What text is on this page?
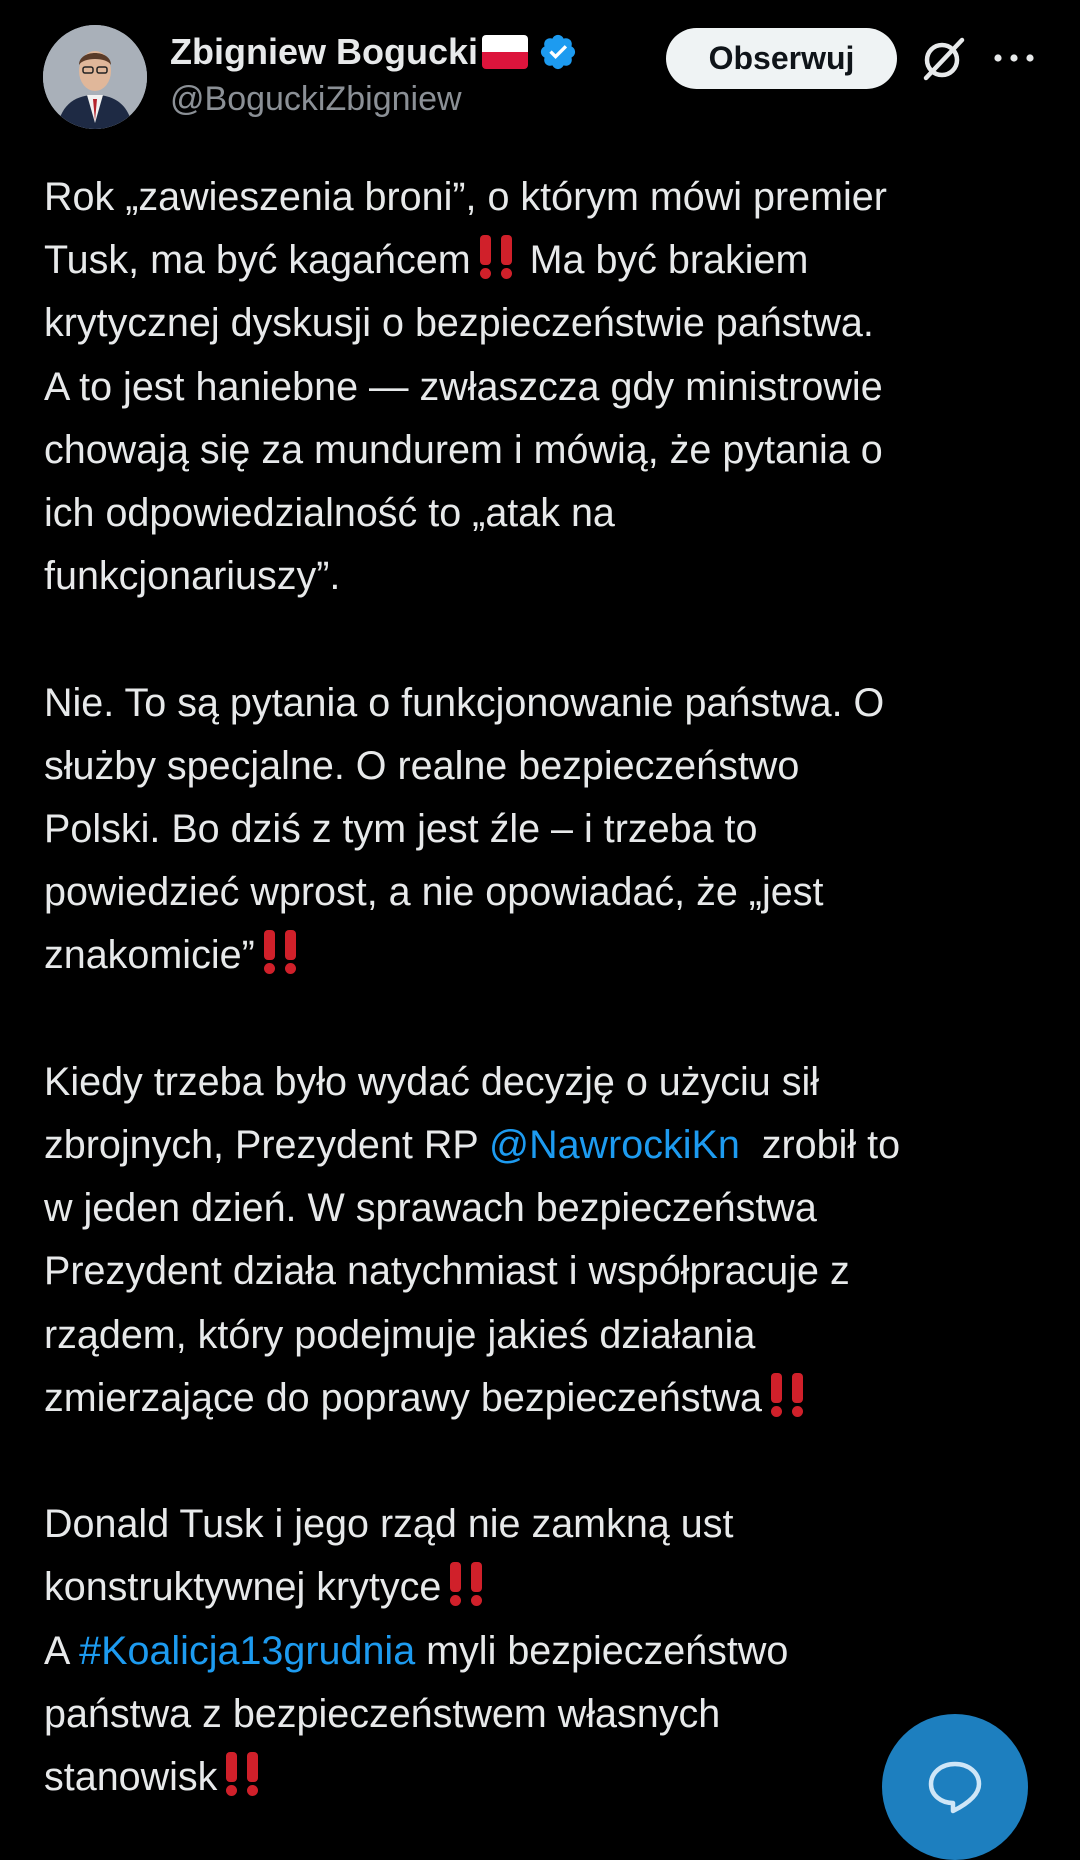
Zbigniew Bogucki
@BoguckiZbigniew
Obserwuj

Rok „zawieszenia broni”, o którym mówi premier
Tusk, ma być kagańcem Ma być brakiem
krytycznej dyskusji o bezpieczeństwie państwa.
A to jest haniebne — zwłaszcza gdy ministrowie
chowają się za mundurem i mówią, że pytania o
ich odpowiedzialność to „atak na
funkcjonariuszy”.

Nie. To są pytania o funkcjonowanie państwa. O
służby specjalne. O realne bezpieczeństwo
Polski. Bo dziś z tym jest źle – i trzeba to
powiedzieć wprost, a nie opowiadać, że „jest
znakomicie”

Kiedy trzeba było wydać decyzję o użyciu sił
zbrojnych, Prezydent RP @NawrockiKn  zrobił to
w jeden dzień. W sprawach bezpieczeństwa
Prezydent działa natychmiast i współpracuje z
rządem, który podejmuje jakieś działania
zmierzające do poprawy bezpieczeństwa

Donald Tusk i jego rząd nie zamkną ust
konstruktywnej krytyce
A #Koalicja13grudnia myli bezpieczeństwo
państwa z bezpieczeństwem własnych
stanowisk
